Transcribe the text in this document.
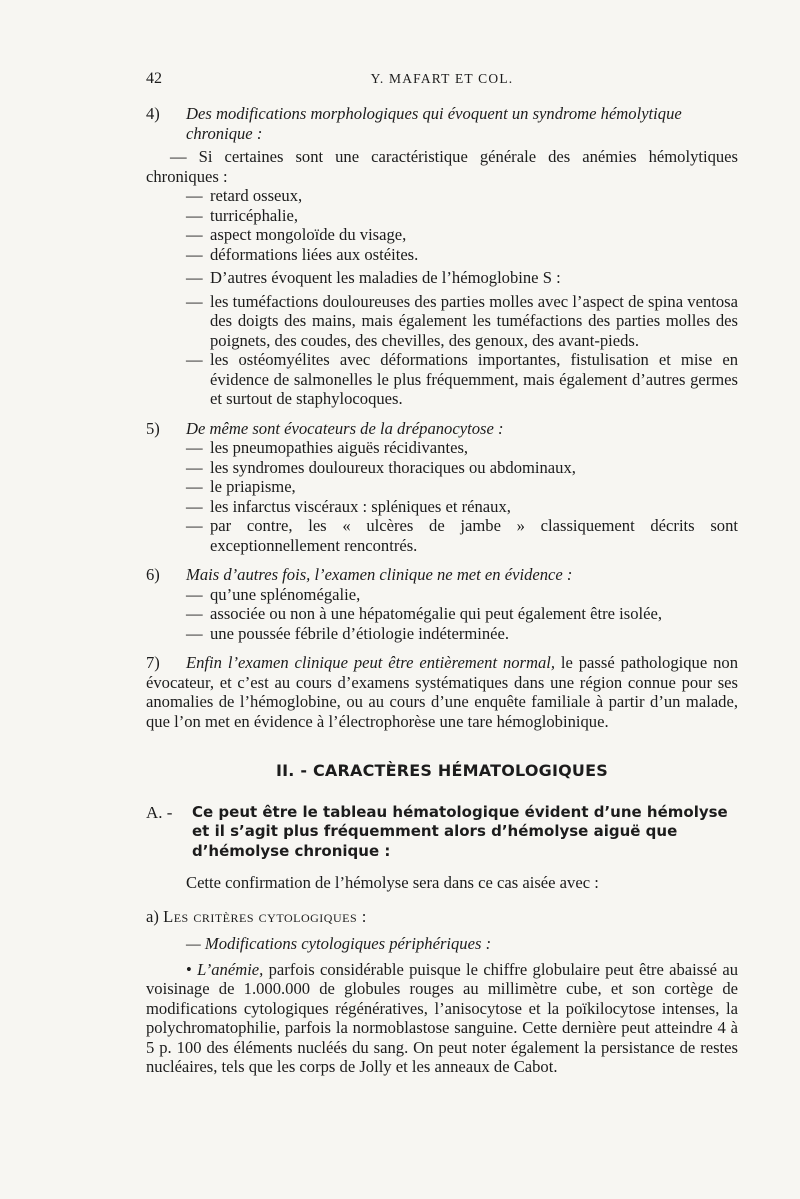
42	Y. MAFART ET COL.
4) Des modifications morphologiques qui évoquent un syndrome hémolytique chronique :
— Si certaines sont une caractéristique générale des anémies hémolytiques chroniques :
— retard osseux,
— turricéphalie,
— aspect mongoloïde du visage,
— déformations liées aux ostéites.
— D’autres évoquent les maladies de l’hémoglobine S :
— les tuméfactions douloureuses des parties molles avec l’aspect de spina ventosa des doigts des mains, mais également les tuméfactions des parties molles des poignets, des coudes, des chevilles, des genoux, des avant-pieds.
— les ostéomyélites avec déformations importantes, fistulisation et mise en évidence de salmonelles le plus fréquemment, mais également d’autres germes et surtout de staphylocoques.
5) De même sont évocateurs de la drépanocytose :
— les pneumopathies aiguës récidivantes,
— les syndromes douloureux thoraciques ou abdominaux,
— le priapisme,
— les infarctus viscéraux : spléniques et rénaux,
— par contre, les « ulcères de jambe » classiquement décrits sont exceptionnellement rencontrés.
6) Mais d’autres fois, l’examen clinique ne met en évidence :
— qu’une splénomégalie,
— associée ou non à une hépatomégalie qui peut également être isolée,
— une poussée fébrile d’étiologie indéterminée.
7)	Enfin l’examen clinique peut être entièrement normal, le passé pathologique non évocateur, et c’est au cours d’examens systématiques dans une région connue pour ses anomalies de l’hémoglobine, ou au cours d’une enquête familiale à partir d’un malade, que l’on met en évidence à l’électrophorèse une tare hémoglobinique.
II. - CARACTÈRES HÉMATOLOGIQUES
A. - Ce peut être le tableau hématologique évident d’une hémolyse et il s’agit plus fréquemment alors d’hémolyse aiguë que d’hémolyse chronique :
Cette confirmation de l’hémolyse sera dans ce cas aisée avec :
a) Les critères cytologiques :
— Modifications cytologiques périphériques :
• L’anémie, parfois considérable puisque le chiffre globulaire peut être abaissé au voisinage de 1.000.000 de globules rouges au millimètre cube, et son cortège de modifications cytologiques régénératives, l’anisocytose et la poïkilocytose intenses, la polychromatophilie, parfois la normoblastose sanguine. Cette dernière peut atteindre 4 à 5 p. 100 des éléments nucléés du sang. On peut noter également la persistance de restes nucléaires, tels que les corps de Jolly et les anneaux de Cabot.
